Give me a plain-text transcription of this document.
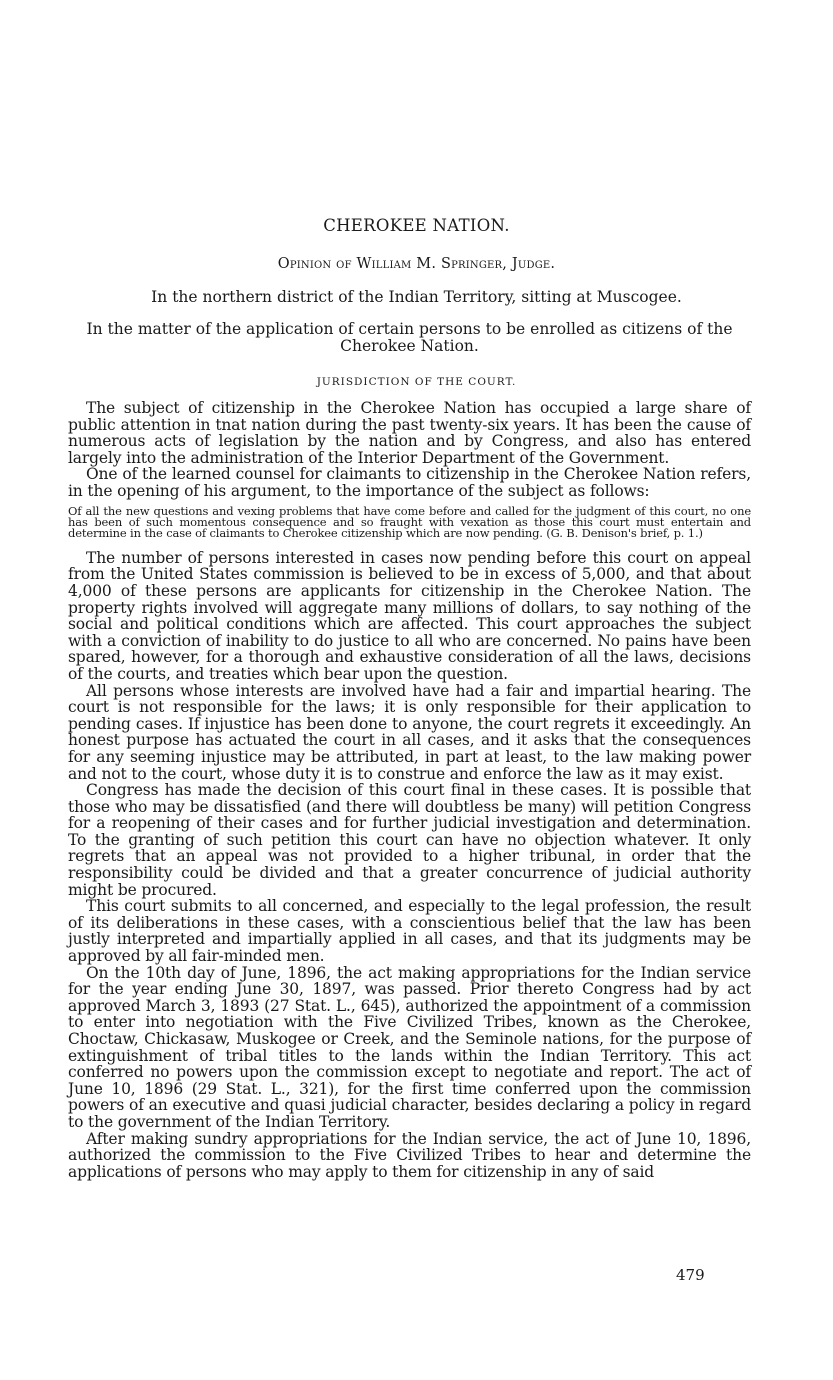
CHEROKEE NATION.
Opinion of William M. Springer, Judge.
In the northern district of the Indian Territory, sitting at Muscogee.
In the matter of the application of certain persons to be enrolled as citizens of the Cherokee Nation.
JURISDICTION OF THE COURT.

The subject of citizenship in the Cherokee Nation has occupied a large share of public attention in tnat nation during the past twenty-six years. It has been the cause of numerous acts of legislation by the nation and by Congress, and also has entered largely into the administration of the Interior Department of the Government.

One of the learned counsel for claimants to citizenship in the Cherokee Nation refers, in the opening of his argument, to the importance of the subject as follows:

Of all the new questions and vexing problems that have come before and called for the judgment of this court, no one has been of such momentous consequence and so fraught with vexation as those this court must entertain and determine in the case of claimants to Cherokee citizenship which are now pending. (G. B. Denison's brief, p. 1.)

The number of persons interested in cases now pending before this court on appeal from the United States commission is believed to be in excess of 5,000, and that about 4,000 of these persons are applicants for citizenship in the Cherokee Nation. The property rights involved will aggregate many millions of dollars, to say nothing of the social and political conditions which are affected. This court approaches the subject with a conviction of inability to do justice to all who are concerned. No pains have been spared, however, for a thorough and exhaustive consideration of all the laws, decisions of the courts, and treaties which bear upon the question.

All persons whose interests are involved have had a fair and impartial hearing. The court is not responsible for the laws; it is only responsible for their application to pending cases. If injustice has been done to anyone, the court regrets it exceedingly. An honest purpose has actuated the court in all cases, and it asks that the consequences for any seeming injustice may be attributed, in part at least, to the law making power and not to the court, whose duty it is to construe and enforce the law as it may exist.

Congress has made the decision of this court final in these cases. It is possible that those who may be dissatisfied (and there will doubtless be many) will petition Congress for a reopening of their cases and for further judicial investigation and determination. To the granting of such petition this court can have no objection whatever. It only regrets that an appeal was not provided to a higher tribunal, in order that the responsibility could be divided and that a greater concurrence of judicial authority might be procured.

This court submits to all concerned, and especially to the legal profession, the result of its deliberations in these cases, with a conscientious belief that the law has been justly interpreted and impartially applied in all cases, and that its judgments may be approved by all fair-minded men.

On the 10th day of June, 1896, the act making appropriations for the Indian service for the year ending June 30, 1897, was passed. Prior thereto Congress had by act approved March 3, 1893 (27 Stat. L., 645), authorized the appointment of a commission to enter into negotiation with the Five Civilized Tribes, known as the Cherokee, Choctaw, Chickasaw, Muskogee or Creek, and the Seminole nations, for the purpose of extinguishment of tribal titles to the lands within the Indian Territory. This act conferred no powers upon the commission except to negotiate and report. The act of June 10, 1896 (29 Stat. L., 321), for the first time conferred upon the commission powers of an executive and quasi judicial character, besides declaring a policy in regard to the government of the Indian Territory.

After making sundry appropriations for the Indian service, the act of June 10, 1896, authorized the commission to the Five Civilized Tribes to hear and determine the applications of persons who may apply to them for citizenship in any of said

479
